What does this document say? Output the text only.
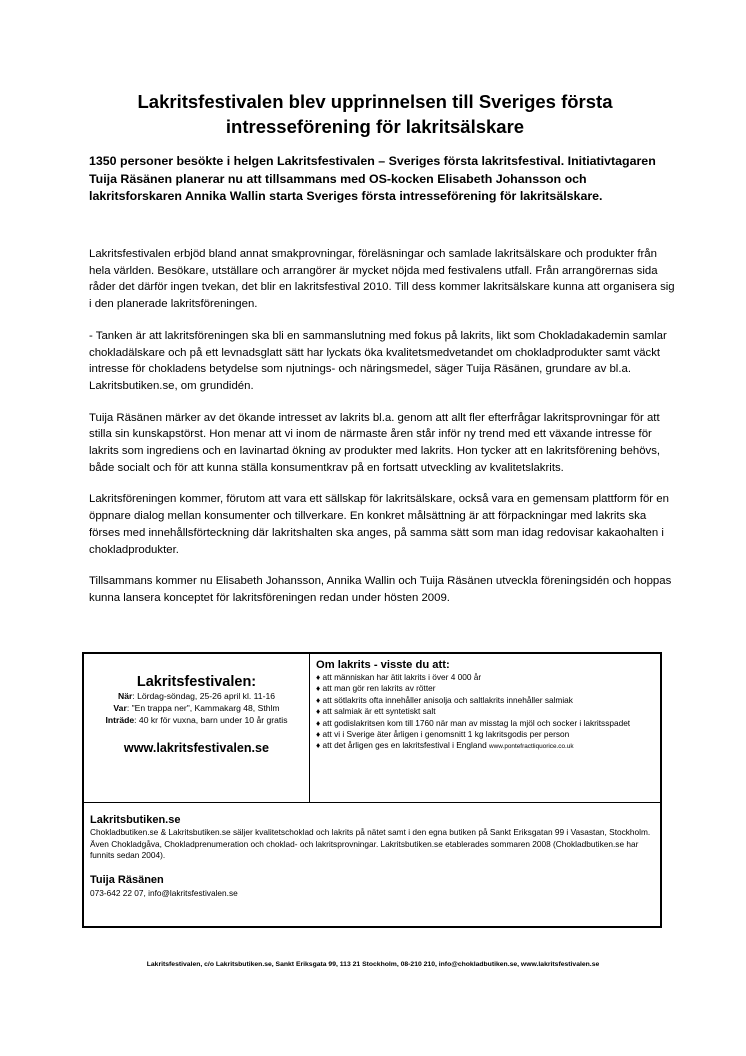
Lakritsfestivalen blev upprinnelsen till Sveriges första intresseförening för lakritsälskare

1350 personer besökte i helgen Lakritsfestivalen – Sveriges första lakritsfestival. Initiativtagaren Tuija Räsänen planerar nu att tillsammans med OS-kocken Elisabeth Johansson och lakritsforskaren Annika Wallin starta Sveriges första intresseförening för lakritsälskare.

Lakritsfestivalen erbjöd bland annat smakprovningar, föreläsningar och samlade lakritsälskare och produkter från hela världen. Besökare, utställare och arrangörer är mycket nöjda med festivalens utfall. Från arrangörernas sida råder det därför ingen tvekan, det blir en lakritsfestival 2010. Till dess kommer lakritsälskare kunna att organisera sig i den planerade lakritsföreningen.

- Tanken är att lakritsföreningen ska bli en sammanslutning med fokus på lakrits, likt som Chokladakademin samlar chokladälskare och på ett levnadsglatt sätt har lyckats öka kvalitetsmedvetandet om chokladprodukter samt väckt intresse för chokladens betydelse som njutnings- och näringsmedel, säger Tuija Räsänen, grundare av bl.a. Lakritsbutiken.se, om grundidén.

Tuija Räsänen märker av det ökande intresset av lakrits bl.a. genom att allt fler efterfrågar lakritsprovningar för att stilla sin kunskapstörst. Hon menar att vi inom de närmaste åren står inför ny trend med ett växande intresse för lakrits som ingrediens och en lavinartad ökning av produkter med lakrits. Hon tycker att en lakritsförening behövs, både socialt och för att kunna ställa konsumentkrav på en fortsatt utveckling av kvalitetslakrits.

Lakritsföreningen kommer, förutom att vara ett sällskap för lakritsälskare, också vara en gemensam plattform för en öppnare dialog mellan konsumenter och tillverkare. En konkret målsättning är att förpackningar med lakrits ska förses med innehållsförteckning där lakritshalten ska anges, på samma sätt som man idag redovisar kakaohalten i chokladprodukter.

Tillsammans kommer nu Elisabeth Johansson, Annika Wallin och Tuija Räsänen utveckla föreningsidén och hoppas kunna lansera konceptet för lakritsföreningen redan under hösten 2009.

Lakritsfestivalen:
När: Lördag-söndag, 25-26 april kl. 11-16
Var: "En trappa ner", Kammakarg 48, Sthlm
Inträde: 40 kr för vuxna, barn under 10 år gratis
www.lakritsfestivalen.se
Om lakrits - visste du att:
♦ att människan har ätit lakrits i över 4 000 år
♦ att man gör ren lakrits av rötter
♦ att sötlakrits ofta innehåller anisolja och saltlakrits innehåller salmiak
♦ att salmiak är ett syntetiskt salt
♦ att godislakritsen kom till 1760 när man av misstag la mjöl och socker i lakritsspadet
♦ att vi i Sverige äter årligen i genomsnitt 1 kg lakritsgodis per person
♦ att det årligen ges en lakritsfestival i England www.pontefractliquorice.co.uk
Lakritsbutiken.se

Chokladbutiken.se & Lakritsbutiken.se säljer kvalitetschoklad och lakrits på nätet samt i den egna butiken på Sankt Eriksgatan 99 i Vasastan, Stockholm. Även Chokladgåva, Chokladprenumeration och choklad- och lakritsprovningar. Lakritsbutiken.se etablerades sommaren 2008 (Chokladbutiken.se har funnits sedan 2004).

Tuija Räsänen

073-642 22 07, info@lakritsfestivalen.se

Lakritsfestivalen, c/o Lakritsbutiken.se, Sankt Eriksgata 99, 113 21 Stockholm, 08-210 210, info@chokladbutiken.se, www.lakritsfestivalen.se
